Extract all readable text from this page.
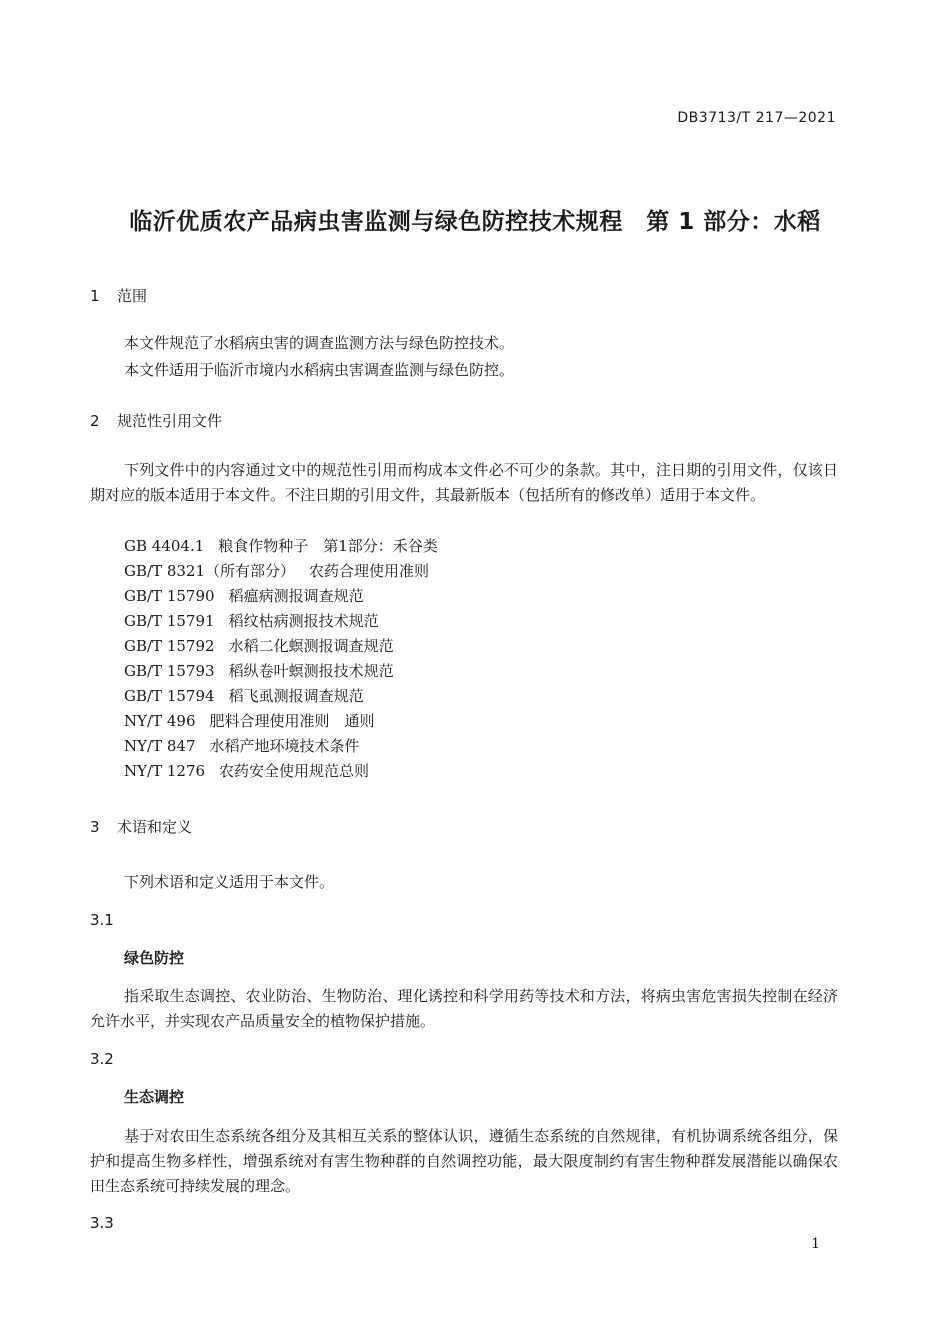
DB3713/T 217—2021
临沂优质农产品病虫害监测与绿色防控技术规程　第 1 部分：水稻
1 范围
本文件规范了水稻病虫害的调查监测方法与绿色防控技术。
本文件适用于临沂市境内水稻病虫害调查监测与绿色防控。
2 规范性引用文件
下列文件中的内容通过文中的规范性引用而构成本文件必不可少的条款。其中，注日期的引用文件，仅该日期对应的版本适用于本文件。不注日期的引用文件，其最新版本（包括所有的修改单）适用于本文件。
GB 4404.1 粮食作物种子　第1部分：禾谷类
GB/T 8321（所有部分） 农药合理使用准则
GB/T 15790 稻瘟病测报调查规范
GB/T 15791 稻纹枯病测报技术规范
GB/T 15792 水稻二化螟测报调查规范
GB/T 15793 稻纵卷叶螟测报技术规范
GB/T 15794 稻飞虱测报调查规范
NY/T 496 肥料合理使用准则　通则
NY/T 847 水稻产地环境技术条件
NY/T 1276 农药安全使用规范总则
3 术语和定义
下列术语和定义适用于本文件。
3.1
绿色防控
指采取生态调控、农业防治、生物防治、理化诱控和科学用药等技术和方法，将病虫害危害损失控制在经济允许水平，并实现农产品质量安全的植物保护措施。
3.2
生态调控
基于对农田生态系统各组分及其相互关系的整体认识，遵循生态系统的自然规律，有机协调系统各组分，保护和提高生物多样性，增强系统对有害生物种群的自然调控功能，最大限度制约有害生物种群发展潜能以确保农田生态系统可持续发展的理念。
3.3
1
